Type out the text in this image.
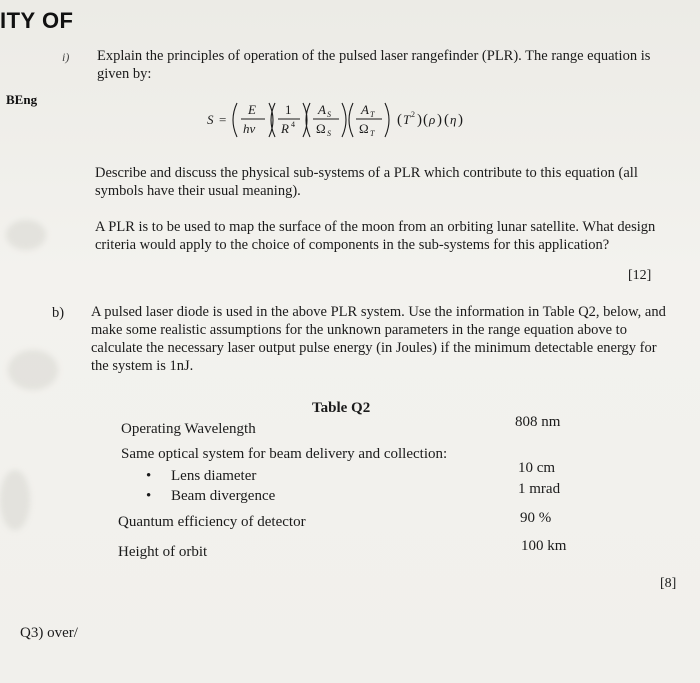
ITY OF
BEng
i) Explain the principles of operation of the pulsed laser rangefinder (PLR). The range equation is given by:
S =
E
hv
1
R 4
A S
Ω S
A T
Ω T
( T 2 ) ( ρ ) ( η )
Describe and discuss the physical sub-systems of a PLR which contribute to this equation (all symbols have their usual meaning).
A PLR is to be used to map the surface of the moon from an orbiting lunar satellite. What design criteria would apply to the choice of components in the sub-systems for this application?
[12]
b) A pulsed laser diode is used in the above PLR system. Use the information in Table Q2, below, and make some realistic assumptions for the unknown parameters in the range equation above to calculate the necessary laser output pulse energy (in Joules) if the minimum detectable energy for the system is 1nJ.
Table Q2
Operating Wavelength	808 nm
Same optical system for beam delivery and collection:
• Lens diameter	10 cm
• Beam divergence	1 mrad
Quantum efficiency of detector	90 %
Height of orbit	100 km
[8]
Q3) over/
